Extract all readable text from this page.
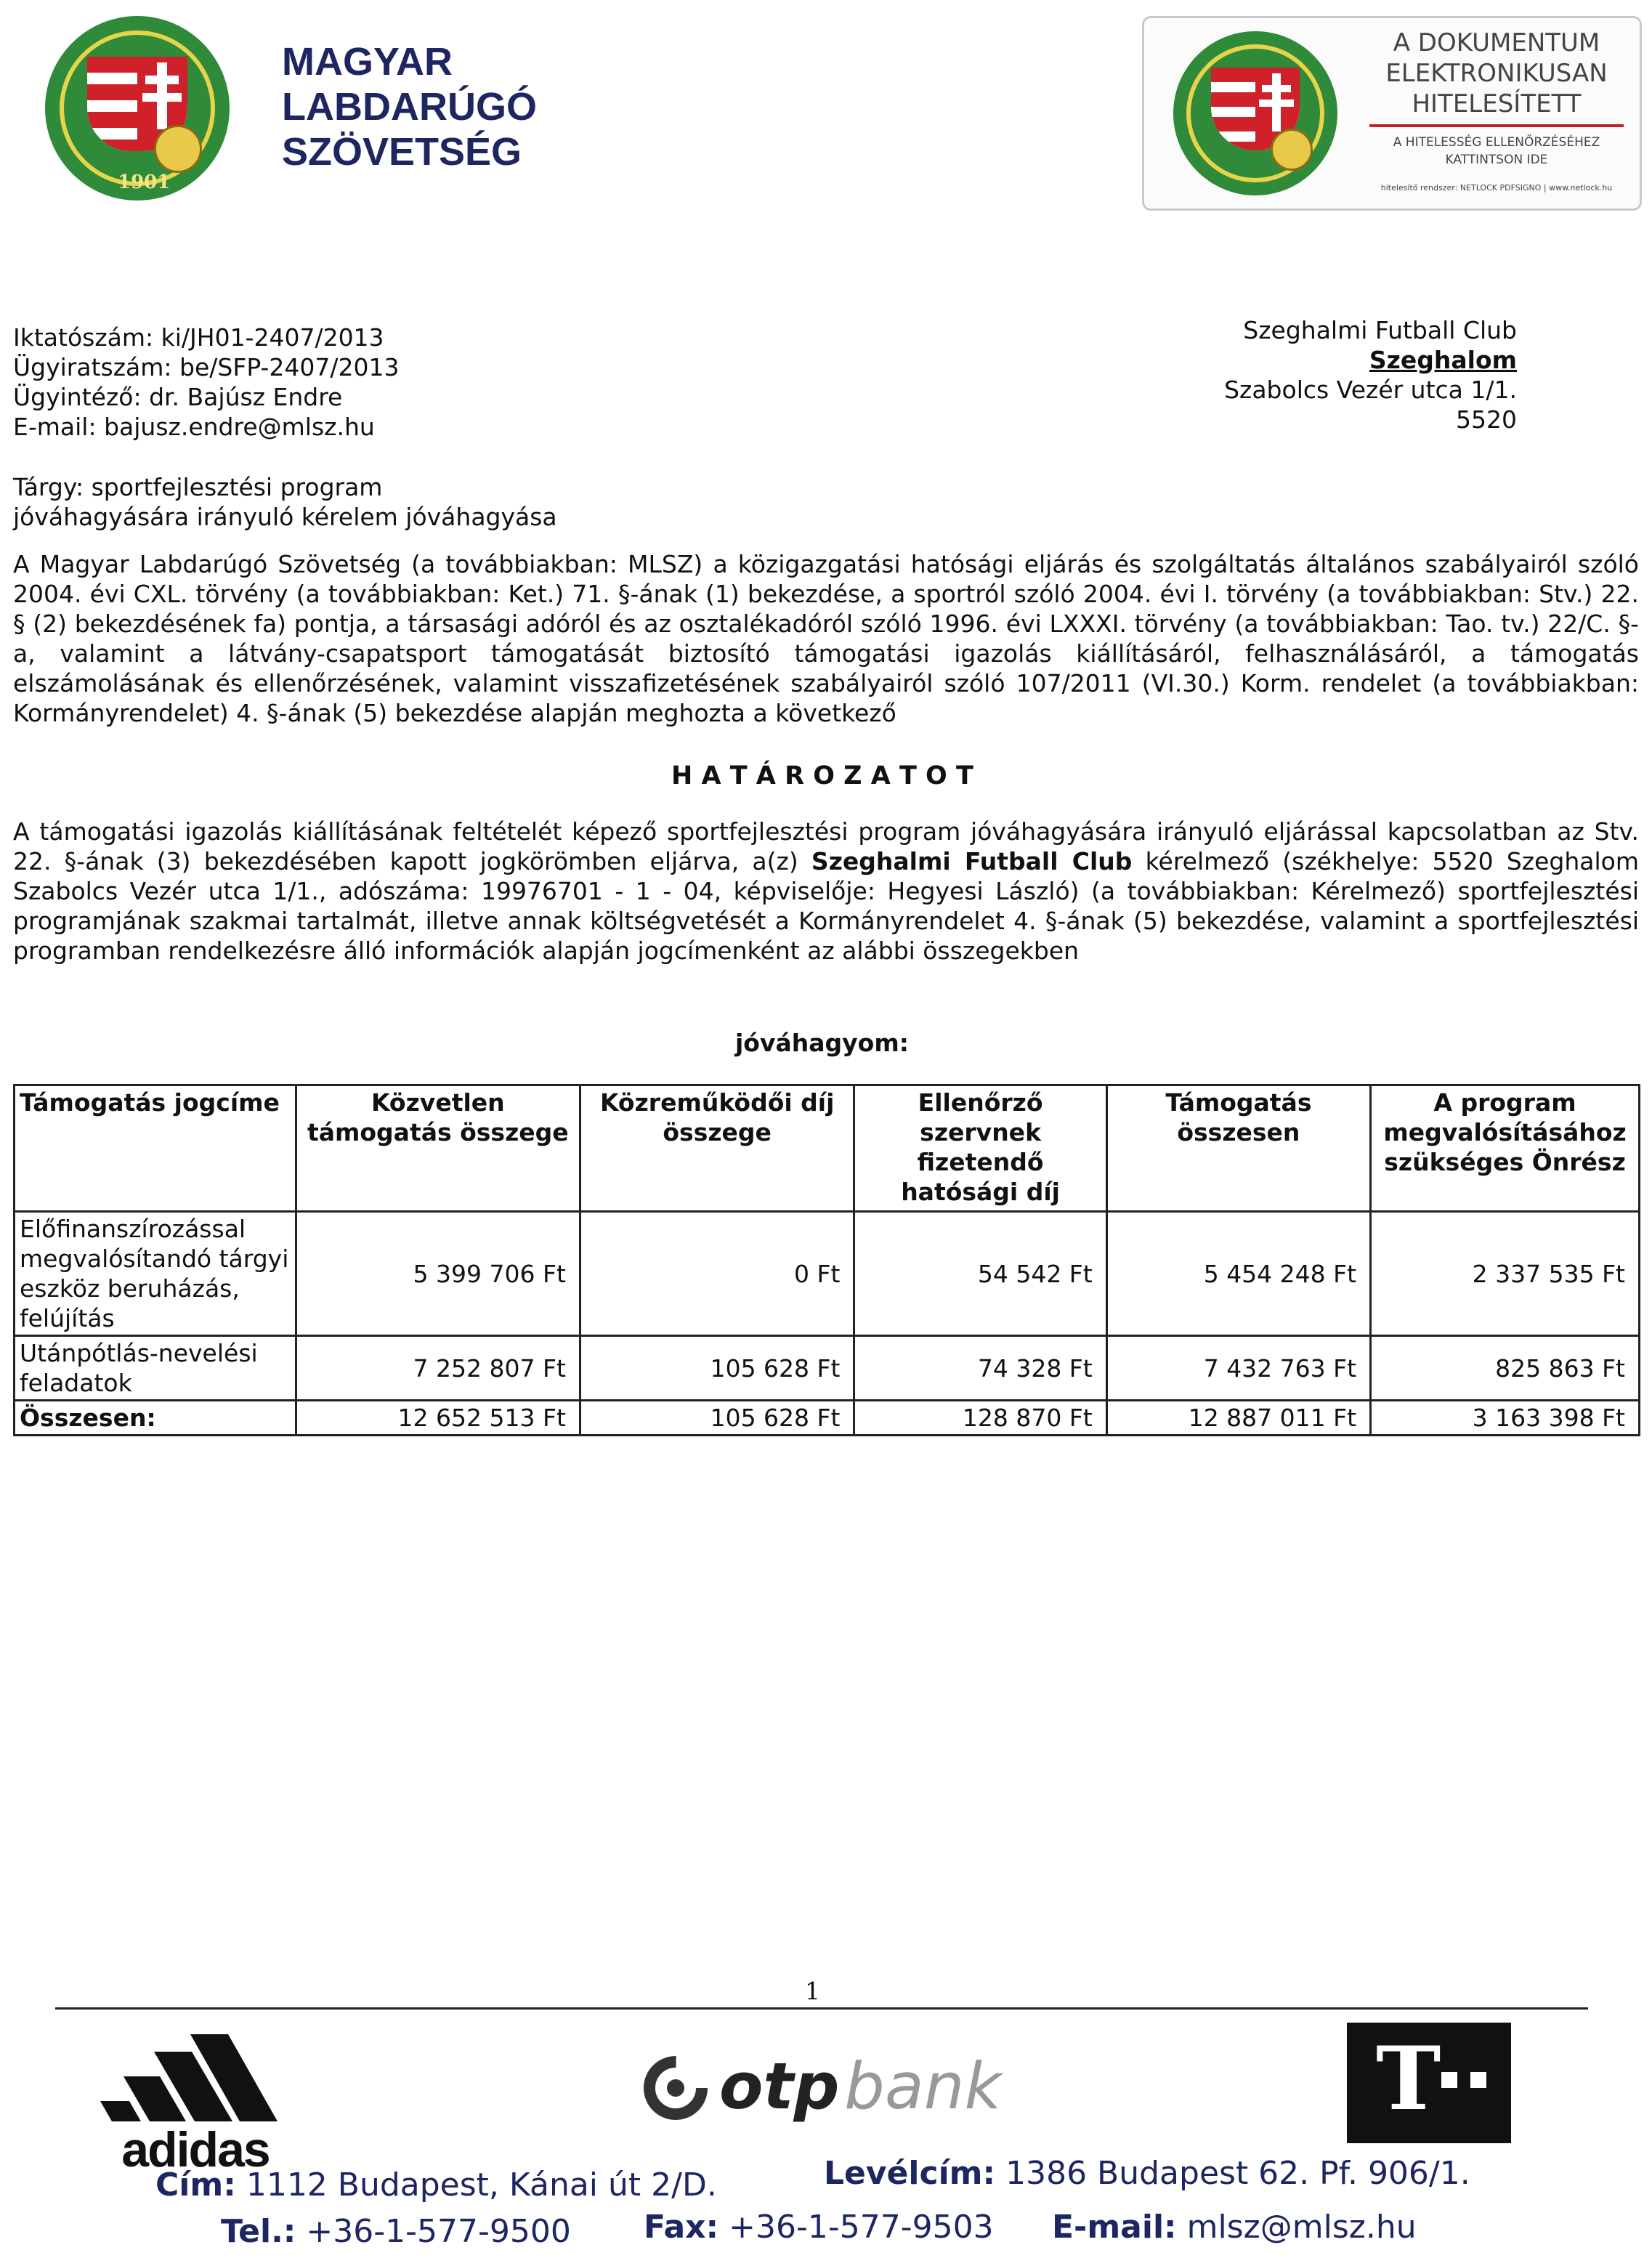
1901
MAGYAR
LABDARÚGÓ
SZÖVETSÉG
A DOKUMENTUM
ELEKTRONIKUSAN
HITELESÍTETT
A HITELESSÉG ELLENŐRZÉSÉHEZ
KATTINTSON IDE
hitelesítő rendszer: NETLOCK PDFSIGNO | www.netlock.hu
Iktatószám: ki/JH01-2407/2013
Ügyiratszám: be/SFP-2407/2013
Ügyintéző: dr. Bajúsz Endre
E-mail: bajusz.endre@mlsz.hu
Szeghalmi Futball Club
Szeghalom
Szabolcs Vezér utca 1/1.
5520
Tárgy: sportfejlesztési program
jóváhagyására irányuló kérelem jóváhagyása
A Magyar Labdarúgó Szövetség (a továbbiakban: MLSZ) a közigazgatási hatósági eljárás és szolgáltatás általános szabályairól szóló 2004. évi CXL. törvény (a továbbiakban: Ket.) 71. §-ának (1) bekezdése, a sportról szóló 2004. évi I. törvény (a továbbiakban: Stv.) 22. § (2) bekezdésének fa) pontja, a társasági adóról és az osztalékadóról szóló 1996. évi LXXXI. törvény (a továbbiakban: Tao. tv.) 22/C. §-a, valamint a látvány-csapatsport támogatását biztosító támogatási igazolás kiállításáról, felhasználásáról, a támogatás elszámolásának és ellenőrzésének, valamint visszafizetésének szabályairól szóló 107/2011 (VI.30.) Korm. rendelet (a továbbiakban: Kormányrendelet) 4. §-ának (5) bekezdése alapján meghozta a következő
H A T Á R O Z A T O T
A támogatási igazolás kiállításának feltételét képező sportfejlesztési program jóváhagyására irányuló eljárással kapcsolatban az Stv. 22. §-ának (3) bekezdésében kapott jogkörömben eljárva, a(z) Szeghalmi Futball Club kérelmező (székhelye: 5520 Szeghalom Szabolcs Vezér utca 1/1., adószáma: 19976701 - 1 - 04, képviselője: Hegyesi László) (a továbbiakban: Kérelmező) sportfejlesztési programjának szakmai tartalmát, illetve annak költségvetését a Kormányrendelet 4. §-ának (5) bekezdése, valamint a sportfejlesztési programban rendelkezésre álló információk alapján jogcímenként az alábbi összegekben
jóváhagyom:
Támogatás jogcíme	Közvetlen támogatás összege	Közreműködői díj összege	Ellenőrző szervnek fizetendő hatósági díj	Támogatás összesen	A program megvalósításához szükséges Önrész
Előfinanszírozással megvalósítandó tárgyi eszköz beruházás, felújítás	5 399 706 Ft	0 Ft	54 542 Ft	5 454 248 Ft	2 337 535 Ft
Utánpótlás-nevelési feladatok	7 252 807 Ft	105 628 Ft	74 328 Ft	7 432 763 Ft	825 863 Ft
Összesen:	12 652 513 Ft	105 628 Ft	128 870 Ft	12 887 011 Ft	3 163 398 Ft
1
adidas
otp bank	T
Cím: 1112 Budapest, Kánai út 2/D.	Levélcím: 1386 Budapest 62. Pf. 906/1.
Tel.: +36-1-577-9500 Fax: +36-1-577-9503 E-mail: mlsz@mlsz.hu
